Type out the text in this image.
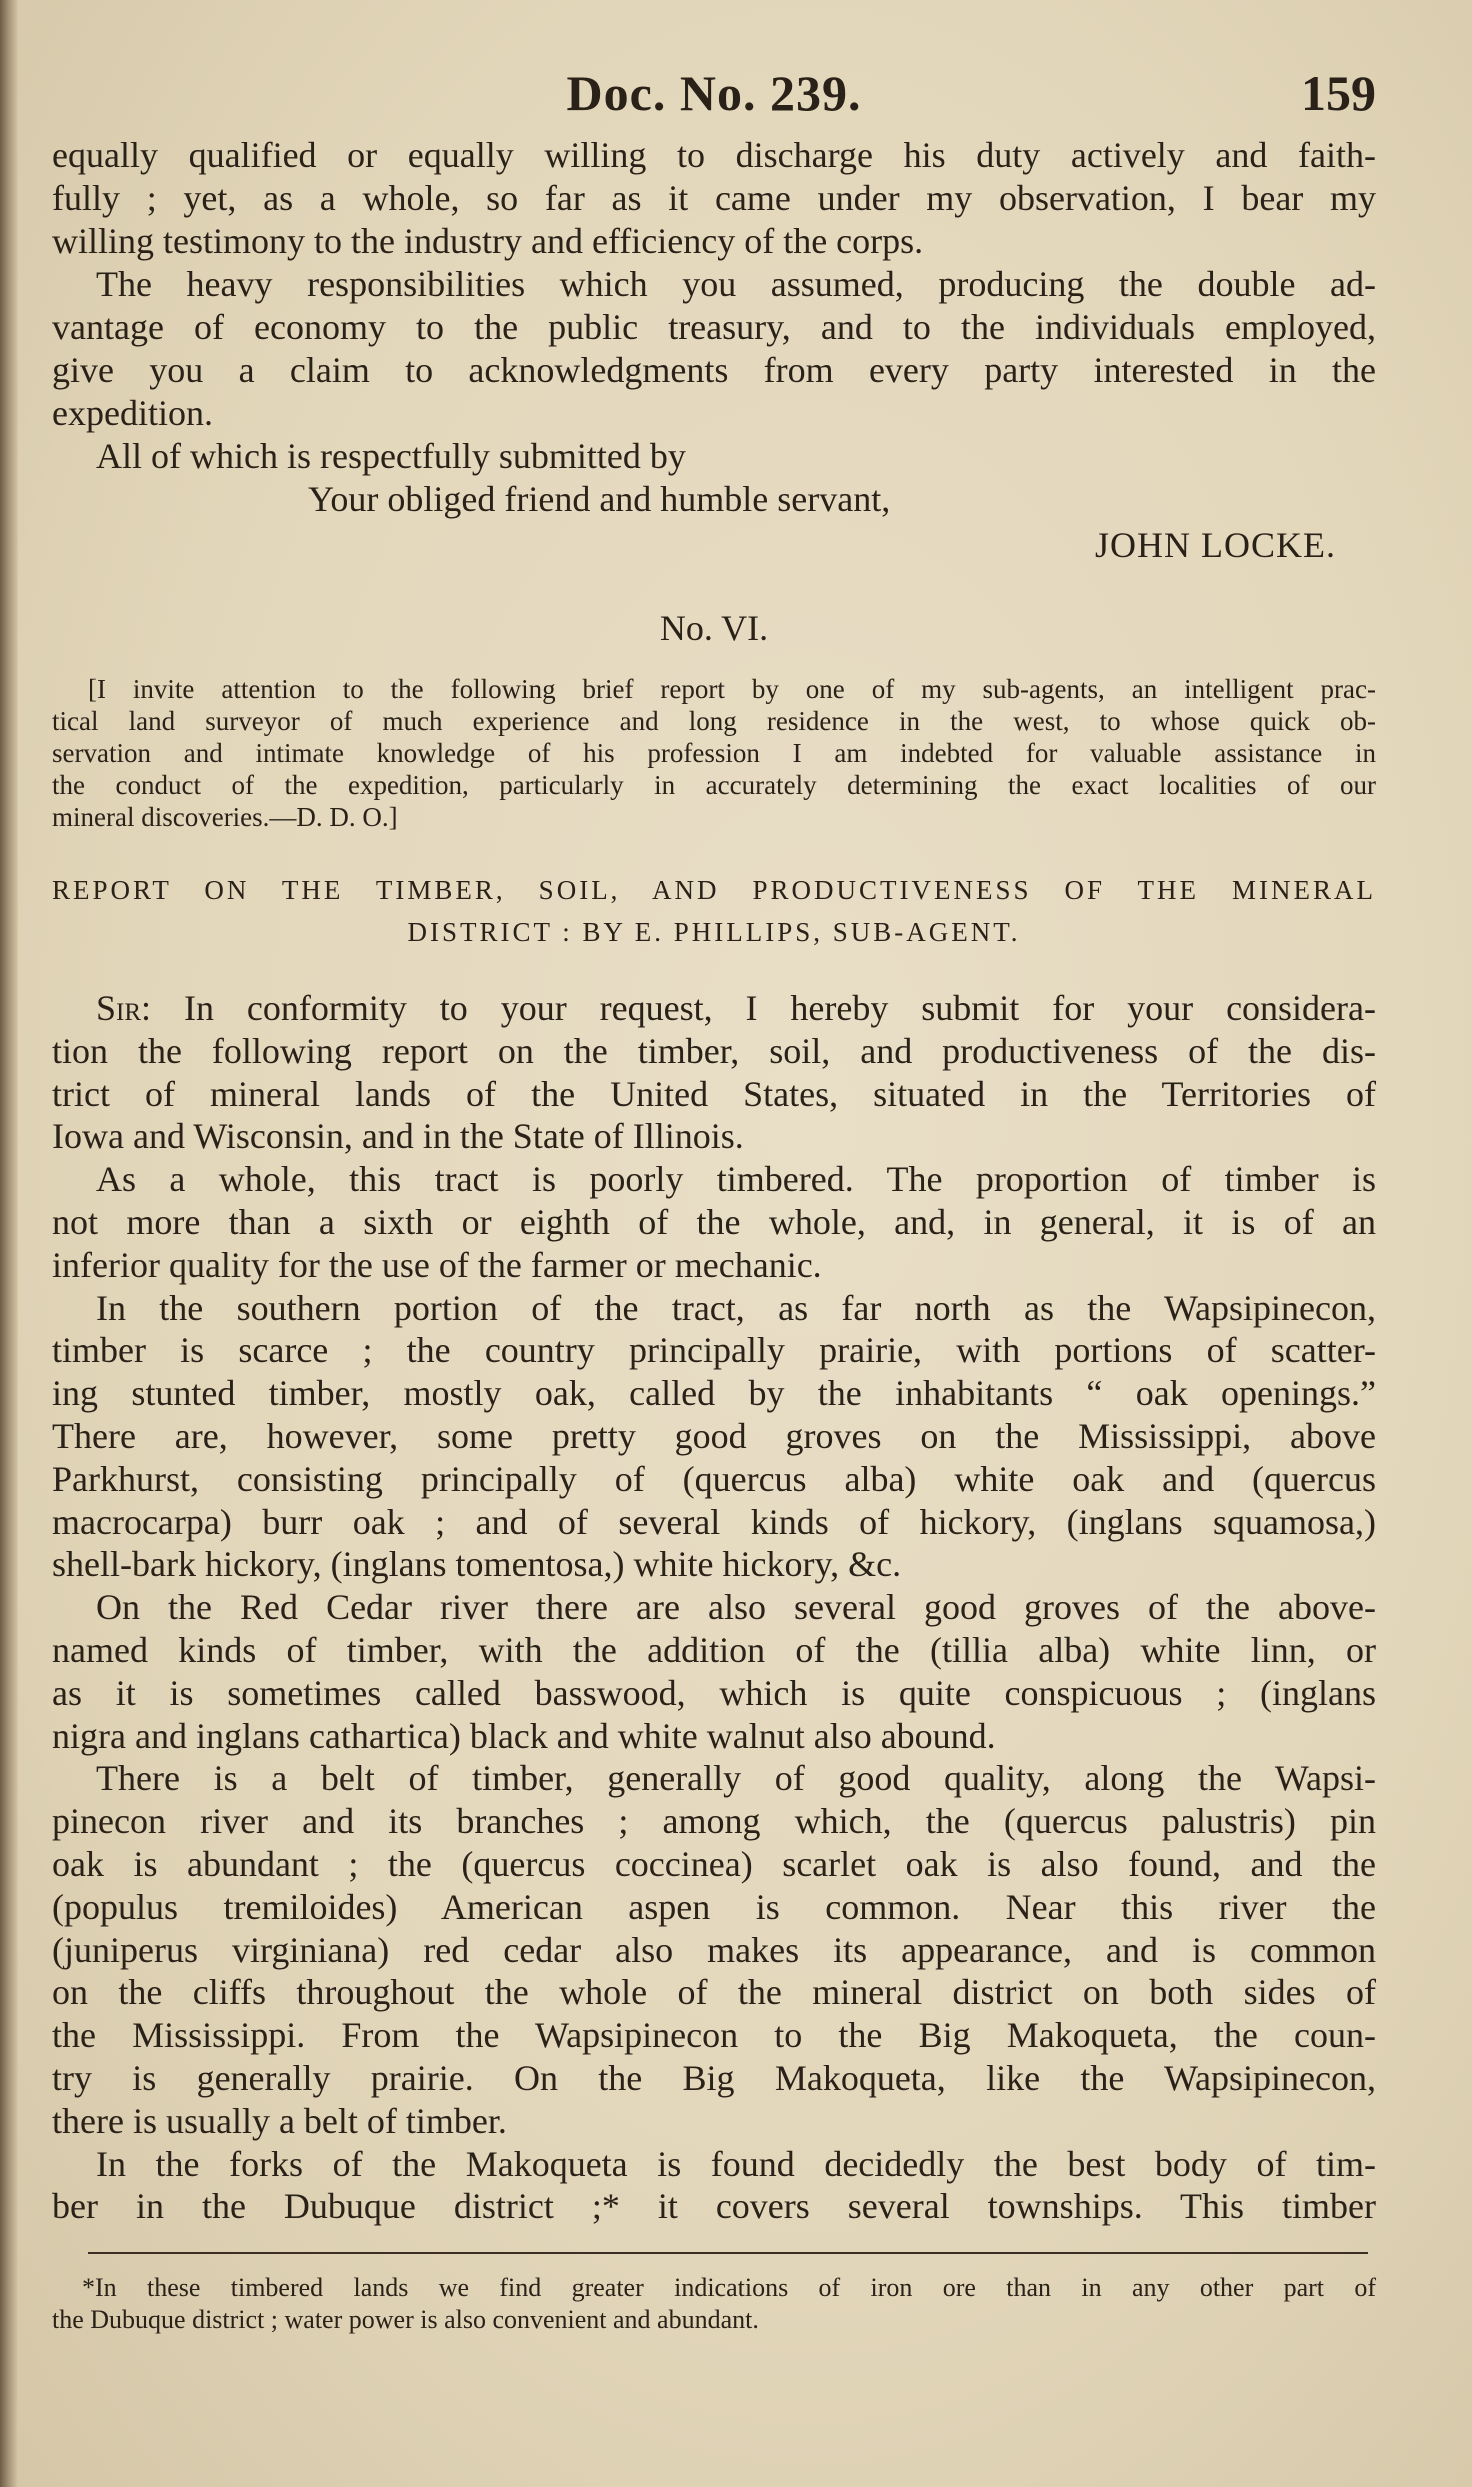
Doc. No. 239.	159

equally qualified or equally willing to discharge his duty actively and faith-

fully ; yet, as a whole, so far as it came under my observation, I bear my

willing testimony to the industry and efficiency of the corps.

The heavy responsibilities which you assumed, producing the double ad-

vantage of economy to the public treasury, and to the individuals employed,

give you a claim to acknowledgments from every party interested in the

expedition.

All of which is respectfully submitted by

Your obliged friend and humble servant,

JOHN LOCKE.

No. VI.

[I invite attention to the following brief report by one of my sub-agents, an intelligent prac-

tical land surveyor of much experience and long residence in the west, to whose quick ob-

servation and intimate knowledge of his profession I am indebted for valuable assistance in

the conduct of the expedition, particularly in accurately determining the exact localities of our

mineral discoveries.—D. D. O.]

REPORT ON THE TIMBER, SOIL, AND PRODUCTIVENESS OF THE MINERAL
DISTRICT : BY E. PHILLIPS, SUB-AGENT.

Sir: In conformity to your request, I hereby submit for your considera-

tion the following report on the timber, soil, and productiveness of the dis-

trict of mineral lands of the United States, situated in the Territories of

Iowa and Wisconsin, and in the State of Illinois.

As a whole, this tract is poorly timbered. The proportion of timber is

not more than a sixth or eighth of the whole, and, in general, it is of an

inferior quality for the use of the farmer or mechanic.

In the southern portion of the tract, as far north as the Wapsipinecon,

timber is scarce ; the country principally prairie, with portions of scatter-

ing stunted timber, mostly oak, called by the inhabitants “ oak openings.”

There are, however, some pretty good groves on the Mississippi, above

Parkhurst, consisting principally of (quercus alba) white oak and (quercus

macrocarpa) burr oak ; and of several kinds of hickory, (inglans squamosa,)

shell-bark hickory, (inglans tomentosa,) white hickory, &c.

On the Red Cedar river there are also several good groves of the above-

named kinds of timber, with the addition of the (tillia alba) white linn, or

as it is sometimes called basswood, which is quite conspicuous ; (inglans

nigra and inglans cathartica) black and white walnut also abound.

There is a belt of timber, generally of good quality, along the Wapsi-

pinecon river and its branches ; among which, the (quercus palustris) pin

oak is abundant ; the (quercus coccinea) scarlet oak is also found, and the

(populus tremiloides) American aspen is common. Near this river the

(juniperus virginiana) red cedar also makes its appearance, and is common

on the cliffs throughout the whole of the mineral district on both sides of

the Mississippi. From the Wapsipinecon to the Big Makoqueta, the coun-

try is generally prairie. On the Big Makoqueta, like the Wapsipinecon,

there is usually a belt of timber.

In the forks of the Makoqueta is found decidedly the best body of tim-

ber in the Dubuque district ;* it covers several townships. This timber

*In these timbered lands we find greater indications of iron ore than in any other part of

the Dubuque district ; water power is also convenient and abundant.
